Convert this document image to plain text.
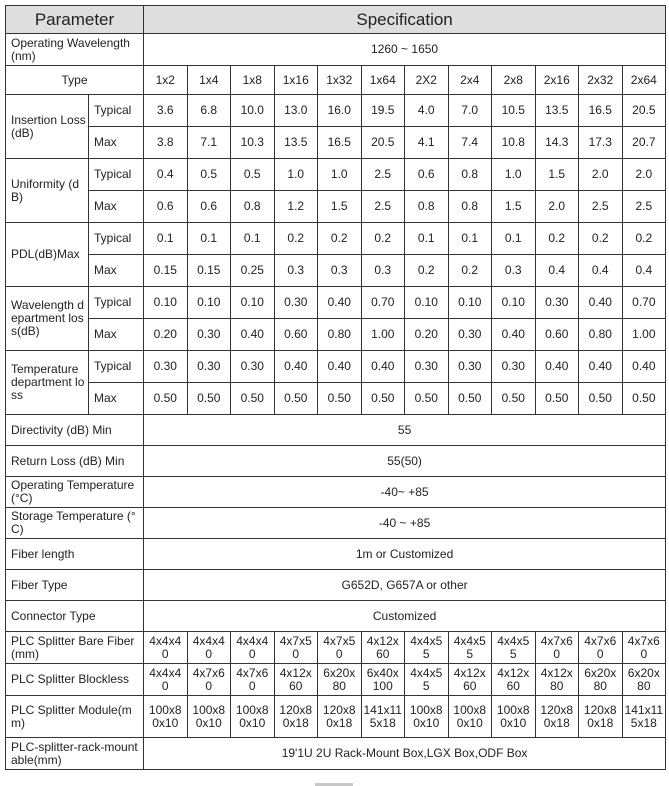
Parameter		Specification											
Operating Wavelength (nm)		1260 ~ 1650											
Type		1x2	1x4	1x8	1x16	1x32	1x64	2X2	2x4	2x8	2x16	2x32	2x64
Insertion Loss (dB)	Typical	3.6	6.8	10.0	13.0	16.0	19.5	4.0	7.0	10.5	13.5	16.5	20.5
	Max	3.8	7.1	10.3	13.5	16.5	20.5	4.1	7.4	10.8	14.3	17.3	20.7
Uniformity (dB)	Typical	0.4	0.5	0.5	1.0	1.0	2.5	0.6	0.8	1.0	1.5	2.0	2.0
	Max	0.6	0.6	0.8	1.2	1.5	2.5	0.8	0.8	1.5	2.0	2.5	2.5
PDL(dB)Max	Typical	0.1	0.1	0.1	0.2	0.2	0.2	0.1	0.1	0.1	0.2	0.2	0.2
	Max	0.15	0.15	0.25	0.3	0.3	0.3	0.2	0.2	0.3	0.4	0.4	0.4
Wavelength department loss(dB)	Typical	0.10	0.10	0.10	0.30	0.40	0.70	0.10	0.10	0.10	0.30	0.40	0.70
	Max	0.20	0.30	0.40	0.60	0.80	1.00	0.20	0.30	0.40	0.60	0.80	1.00
Temperature department loss	Typical	0.30	0.30	0.30	0.40	0.40	0.40	0.30	0.30	0.30	0.40	0.40	0.40
	Max	0.50	0.50	0.50	0.50	0.50	0.50	0.50	0.50	0.50	0.50	0.50	0.50
Directivity (dB) Min		55											
Return Loss (dB) Min		55(50)											
Operating Temperature (°C)		-40~ +85											
Storage Temperature (°C)		-40 ~ +85											
Fiber length		1m or Customized											
Fiber Type		G652D, G657A or other											
Connector Type		Customized											
PLC Splitter Bare Fiber(mm)		4x4x40	4x4x40	4x4x40	4x7x50	4x7x50	4x12x60	4x4x55	4x4x55	4x4x55	4x7x60	4x7x60	4x7x60
PLC Splitter Blockless		4x4x40	4x7x60	4x7x60	4x12x60	6x20x80	6x40x100	4x4x55	4x12x60	4x12x60	4x12x80	6x20x80	6x20x80
PLC Splitter Module(mm)		100x80x10	100x80x10	100x80x10	120x80x18	120x80x18	141x115x18	100x80x10	100x80x10	100x80x10	120x80x18	120x80x18	141x115x18
PLC-splitter-rack-mountable(mm)		19'1U 2U Rack-Mount Box,LGX Box,ODF Box											
